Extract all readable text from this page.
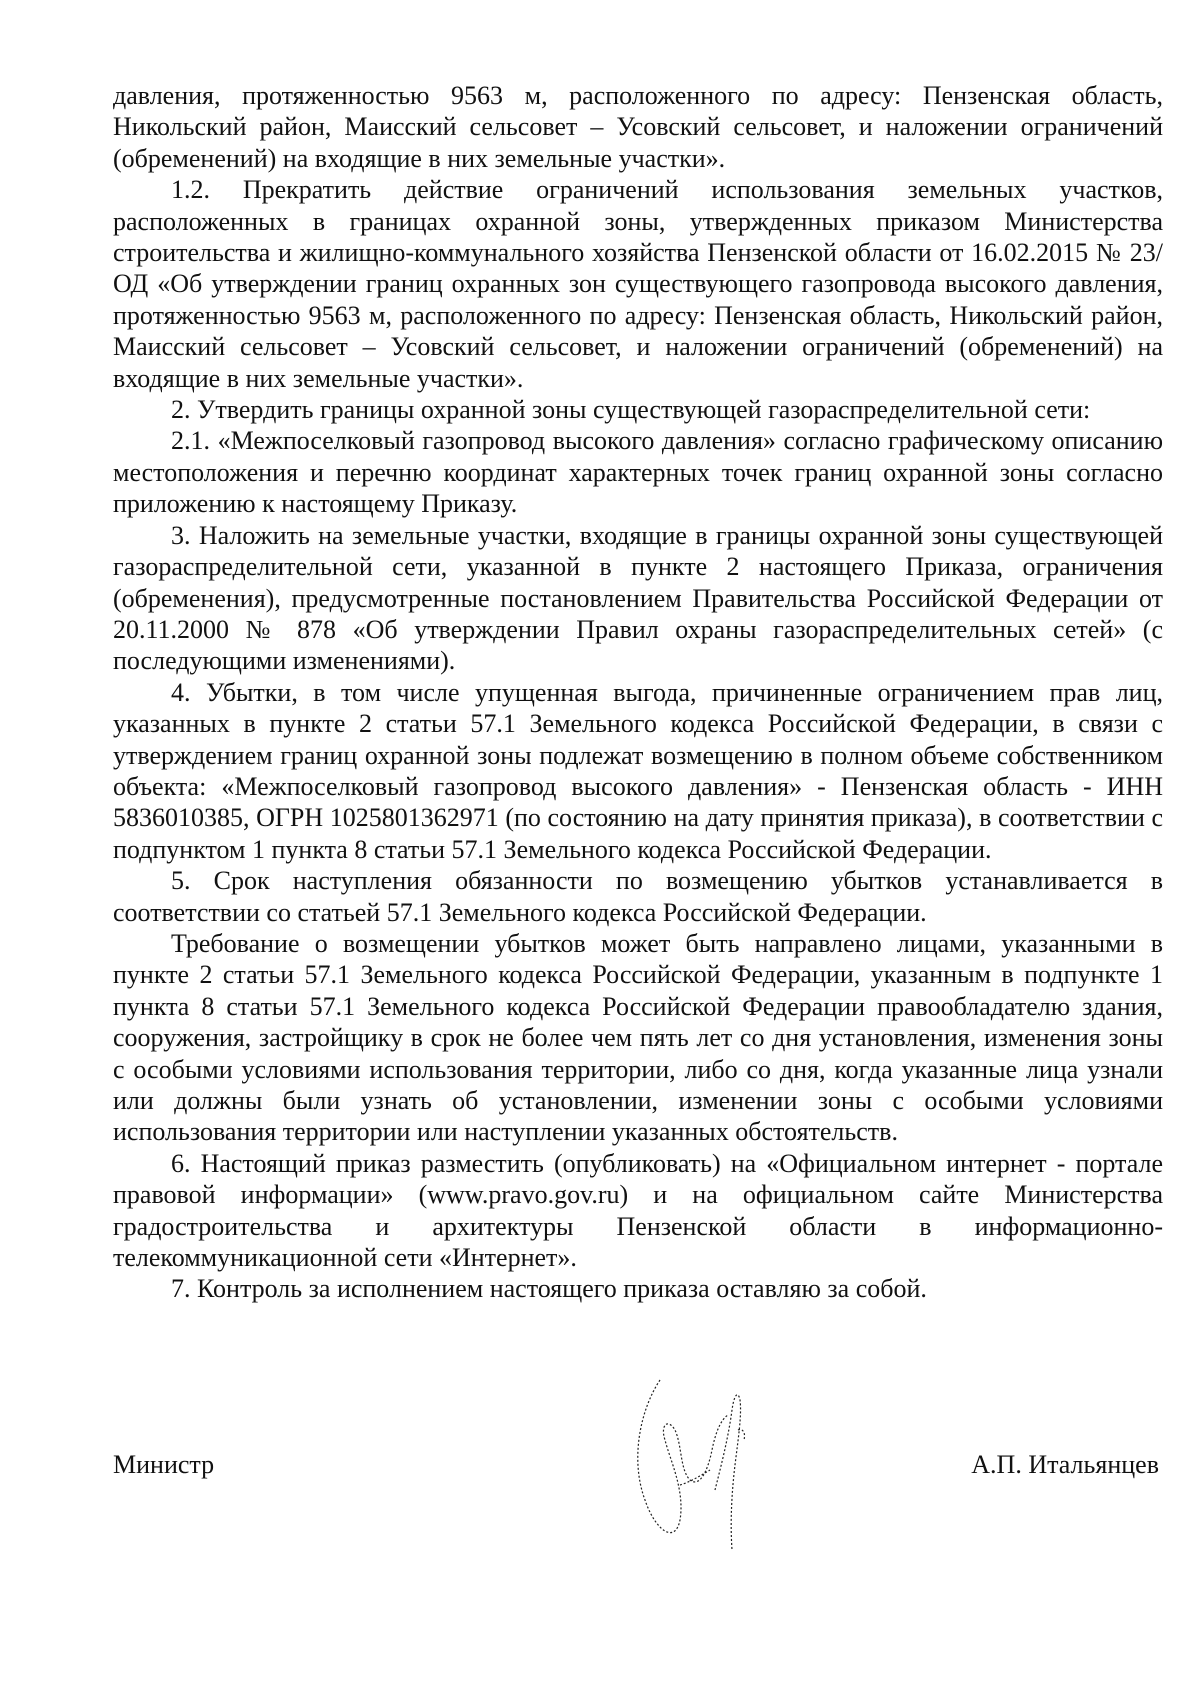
давления, протяженностью 9563 м, расположенного по адресу: Пензенская область, Никольский район, Маисский сельсовет – Усовский сельсовет, и наложении ограничений (обременений) на входящие в них земельные участки».

1.2. Прекратить действие ограничений использования земельных участков, расположенных в границах охранной зоны, утвержденных приказом Министерства строительства и жилищно-коммунального хозяйства Пензенской области от 16.02.2015 № 23/ОД «Об утверждении границ охранных зон существующего газопровода высокого давления, протяженностью 9563 м, расположенного по адресу: Пензенская область, Никольский район, Маисский сельсовет – Усовский сельсовет, и наложении ограничений (обременений) на входящие в них земельные участки».

2. Утвердить границы охранной зоны существующей газораспределительной сети:

2.1. «Межпоселковый газопровод высокого давления» согласно графическому описанию местоположения и перечню координат характерных точек границ охранной зоны согласно приложению к настоящему Приказу.

3. Наложить на земельные участки, входящие в границы охранной зоны существующей газораспределительной сети, указанной в пункте 2 настоящего Приказа, ограничения (обременения), предусмотренные постановлением Правительства Российской Федерации от 20.11.2000 № 878 «Об утверждении Правил охраны газораспределительных сетей» (с последующими изменениями).

4. Убытки, в том числе упущенная выгода, причиненные ограничением прав лиц, указанных в пункте 2 статьи 57.1 Земельного кодекса Российской Федерации, в связи с утверждением границ охранной зоны подлежат возмещению в полном объеме собственником объекта: «Межпоселковый газопровод высокого давления» - Пензенская область - ИНН 5836010385, ОГРН 1025801362971 (по состоянию на дату принятия приказа), в соответствии с подпунктом 1 пункта 8 статьи 57.1 Земельного кодекса Российской Федерации.

5. Срок наступления обязанности по возмещению убытков устанавливается в соответствии со статьей 57.1 Земельного кодекса Российской Федерации.

Требование о возмещении убытков может быть направлено лицами, указанными в пункте 2 статьи 57.1 Земельного кодекса Российской Федерации, указанным в подпункте 1 пункта 8 статьи 57.1 Земельного кодекса Российской Федерации правообладателю здания, сооружения, застройщику в срок не более чем пять лет со дня установления, изменения зоны с особыми условиями использования территории, либо со дня, когда указанные лица узнали или должны были узнать об установлении, изменении зоны с особыми условиями использования территории или наступлении указанных обстоятельств.

6. Настоящий приказ разместить (опубликовать) на «Официальном интернет - портале правовой информации» (www.pravo.gov.ru) и на официальном сайте Министерства градостроительства и архитектуры Пензенской области в информационно-телекоммуникационной сети «Интернет».

7. Контроль за исполнением настоящего приказа оставляю за собой.

Министр	А.П. Итальянцев
